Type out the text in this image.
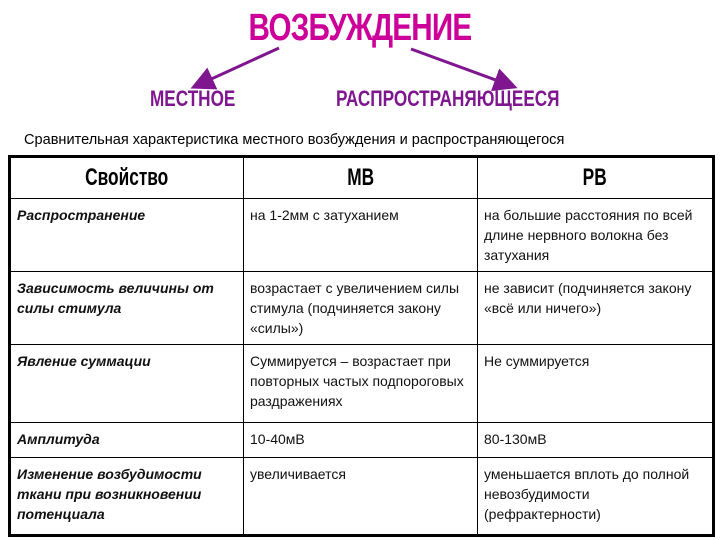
ВОЗБУЖДЕНИЕ
МЕСТНОЕ	РАСПРОСТРАНЯЮЩЕЕСЯ
Сравнительная характеристика местного возбуждения и распространяющегося
Свойство	МВ	РВ
Распространение	на 1-2мм с затуханием	на большие расстояния по всей длине нервного волокна без затухания
Зависимость величины от силы стимула	возрастает с увеличением силы стимула (подчиняется закону «силы»)	не зависит (подчиняется закону «всё или ничего»)
Явление суммации	Суммируется – возрастает при повторных частых подпороговых раздражениях	Не суммируется
Амплитуда	10-40мВ	80-130мВ
Изменение возбудимости ткани при возникновении потенциала	увеличивается	уменьшается вплоть до полной невозбудимости (рефрактерности)
